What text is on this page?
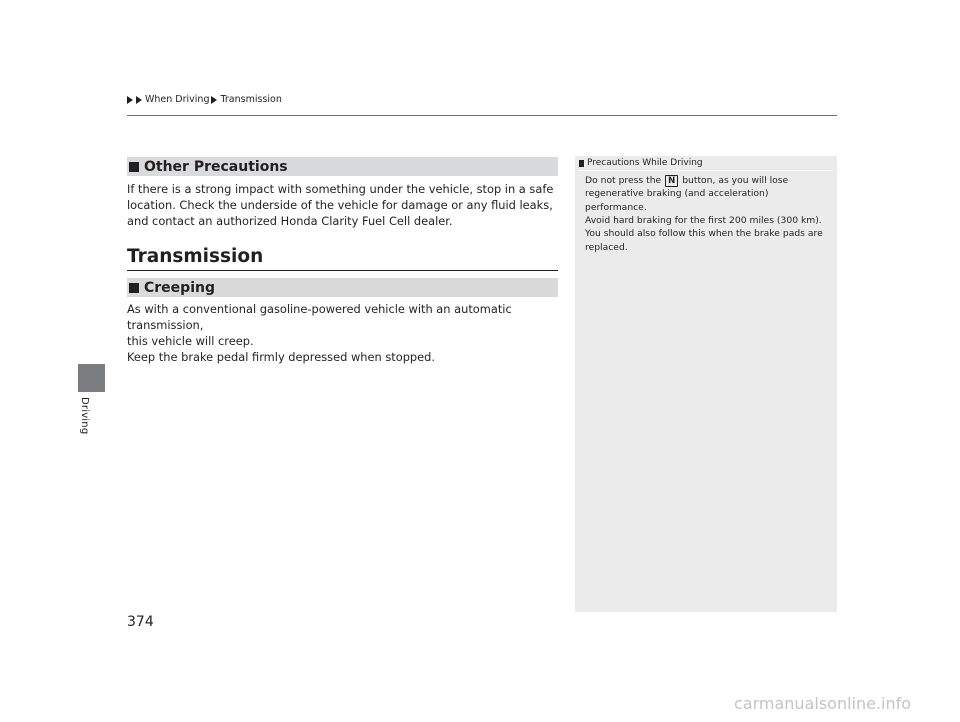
When Driving Transmission
Driving
Other Precautions
If there is a strong impact with something under the vehicle, stop in a safe location. Check the underside of the vehicle for damage or any fluid leaks, and contact an authorized Honda Clarity Fuel Cell dealer.
Transmission
Creeping
As with a conventional gasoline-powered vehicle with an automatic transmission,
this vehicle will creep.
Keep the brake pedal firmly depressed when stopped.
Precautions While Driving
Do not press the N button, as you will lose regenerative braking (and acceleration) performance.
Avoid hard braking for the first 200 miles (300 km). You should also follow this when the brake pads are replaced.
374
carmanualsonline.info
